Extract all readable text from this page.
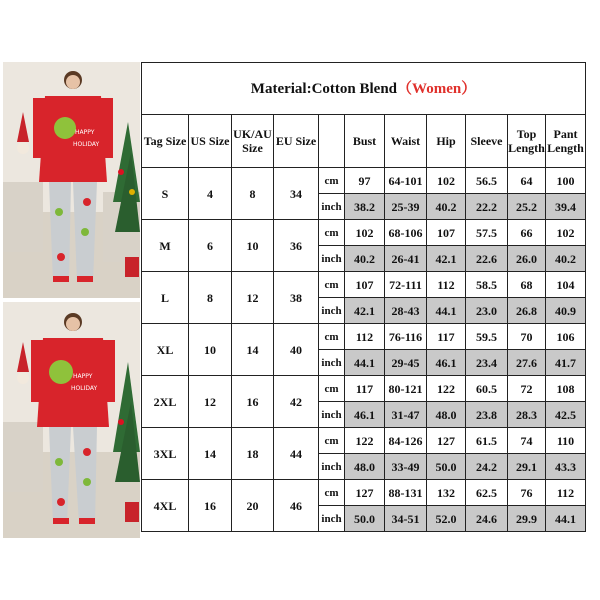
HAPPY
HOLIDAY
HAPPY
HOLIDAY
Material:Cotton Blend（Women）										
Tag Size	US Size	UK/AU Size	EU Size		Bust	Waist	Hip	Sleeve	Top Length	Pant Length
S	4	8	34	cm	97	64-101	102	56.5	64	100
				inch	38.2	25-39	40.2	22.2	25.2	39.4
M	6	10	36	cm	102	68-106	107	57.5	66	102
				inch	40.2	26-41	42.1	22.6	26.0	40.2
L	8	12	38	cm	107	72-111	112	58.5	68	104
				inch	42.1	28-43	44.1	23.0	26.8	40.9
XL	10	14	40	cm	112	76-116	117	59.5	70	106
				inch	44.1	29-45	46.1	23.4	27.6	41.7
2XL	12	16	42	cm	117	80-121	122	60.5	72	108
				inch	46.1	31-47	48.0	23.8	28.3	42.5
3XL	14	18	44	cm	122	84-126	127	61.5	74	110
				inch	48.0	33-49	50.0	24.2	29.1	43.3
4XL	16	20	46	cm	127	88-131	132	62.5	76	112
				inch	50.0	34-51	52.0	24.6	29.9	44.1
